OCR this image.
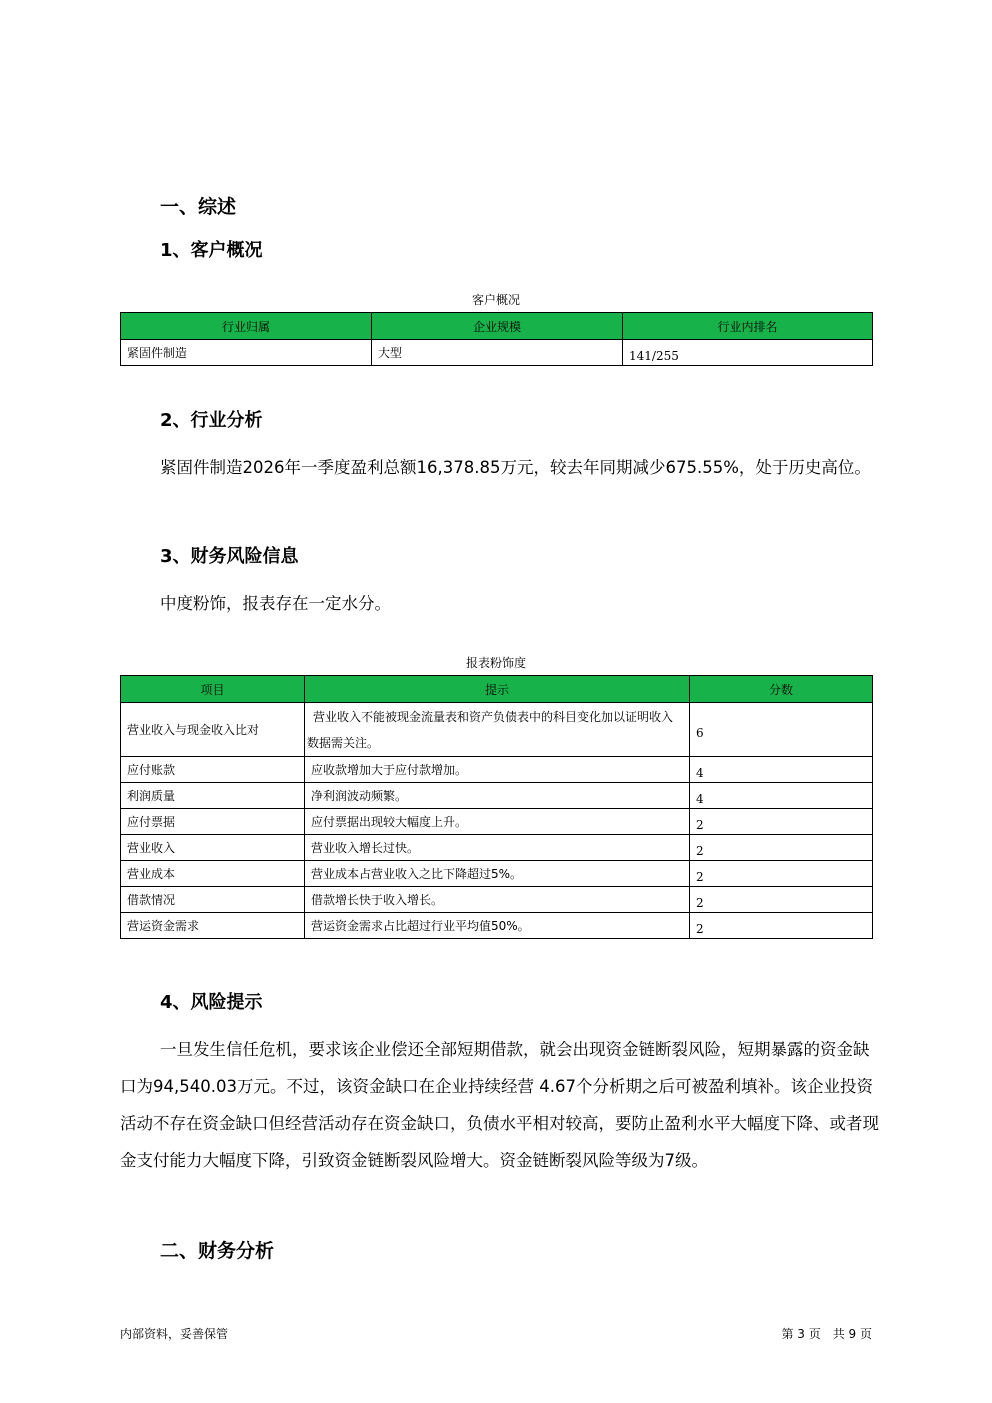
一、综述
1、客户概况
客户概况
行业归属	企业规模	行业内排名
紧固件制造	大型	141/255
2、行业分析
紧固件制造2026年一季度盈利总额16,378.85万元，较去年同期减少675.55%，处于历史高位。
3、财务风险信息
中度粉饰，报表存在一定水分。
报表粉饰度
项目	提示	分数
营业收入与现金收入比对	营业收入不能被现金流量表和资产负债表中的科目变化加以证明收入数据需关注。	6
应付账款	应收款增加大于应付款增加。	4
利润质量	净利润波动频繁。	4
应付票据	应付票据出现较大幅度上升。	2
营业收入	营业收入增长过快。	2
营业成本	营业成本占营业收入之比下降超过5%。	2
借款情况	借款增长快于收入增长。	2
营运资金需求	营运资金需求占比超过行业平均值50%。	2
4、风险提示
一旦发生信任危机，要求该企业偿还全部短期借款，就会出现资金链断裂风险，短期暴露的资金缺口为94,540.03万元。不过，该资金缺口在企业持续经营 4.67个分析期之后可被盈利填补。该企业投资活动不存在资金缺口但经营活动存在资金缺口，负债水平相对较高，要防止盈利水平大幅度下降、或者现金支付能力大幅度下降，引致资金链断裂风险增大。资金链断裂风险等级为7级。
二、财务分析
内部资料，妥善保管	第 3 页　共 9 页
